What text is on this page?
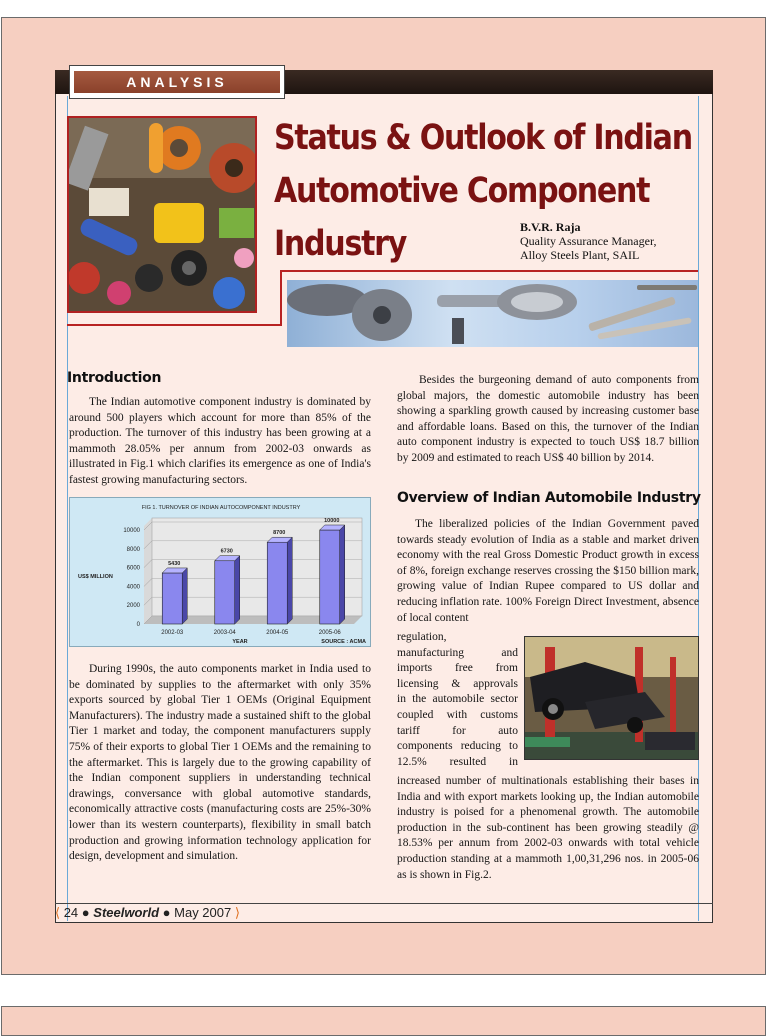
ANALYSIS
Status & Outlook of Indian
Automotive Component
Industry	B.V.R. Raja
Quality Assurance Manager,
Alloy Steels Plant, SAIL
Introduction

The Indian automotive component industry is dominated by around 500 players which account for more than 85% of the production. The turnover of this industry has been growing at a mammoth 28.05% per annum from 2002-03 onwards as illustrated in Fig.1 which clarifies its emergence as one of India's fastest growing manufacturing sectors.

0
2000
4000
6000
8000
10000
5430
2002-03
6730
2003-04
8700
2004-05
10000
2005-06
FIG 1. TURNOVER OF INDIAN AUTOCOMPONENT INDUSTRY
US$ MILLION
YEAR	SOURCE : ACMA

During 1990s, the auto components market in India used to be dominated by supplies to the aftermarket with only 35% exports sourced by global Tier 1 OEMs (Original Equipment Manufacturers). The industry made a sustained shift to the global Tier 1 market and today, the component manufacturers supply 75% of their exports to global Tier 1 OEMs and the remaining to the aftermarket. This is largely due to the growing capability of the Indian component suppliers in understanding technical drawings, conversance with global automotive standards, economically attractive costs (manufacturing costs are 25%-30% lower than its western counterparts), flexibility in small batch production and growing information technology application for design, development and simulation.

Besides the burgeoning demand of auto components from global majors, the domestic automobile industry has been showing a sparkling growth caused by increasing customer base and affordable loans. Based on this, the turnover of the Indian auto component industry is expected to touch US$ 18.7 billion by 2009 and estimated to reach US$ 40 billion by 2014.

Overview of Indian Automobile Industry

The liberalized policies of the Indian Government paved towards steady evolution of India as a stable and market driven economy with the real Gross Domestic Product growth in excess of 8%, foreign exchange reserves crossing the $150 billion mark, growing value of Indian Rupee compared to US dollar and reducing inflation rate. 100% Foreign Direct Investment, absence of local content

regulation,
manufacturing and
imports free from
licensing & approvals
in the automobile sector
coupled with customs
tariff for auto
components reducing to
12.5% resulted in

increased number of multinationals establishing their bases in India and with export markets looking up, the Indian automobile industry is poised for a phenomenal growth. The automobile production in the sub-continent has been growing steadily @ 18.53% per annum from 2002-03 onwards with total vehicle production standing at a mammoth 1,00,31,296 nos. in 2005-06 as is shown in Fig.2.

⟨ 24 ● Steelworld ● May 2007 ⟩
